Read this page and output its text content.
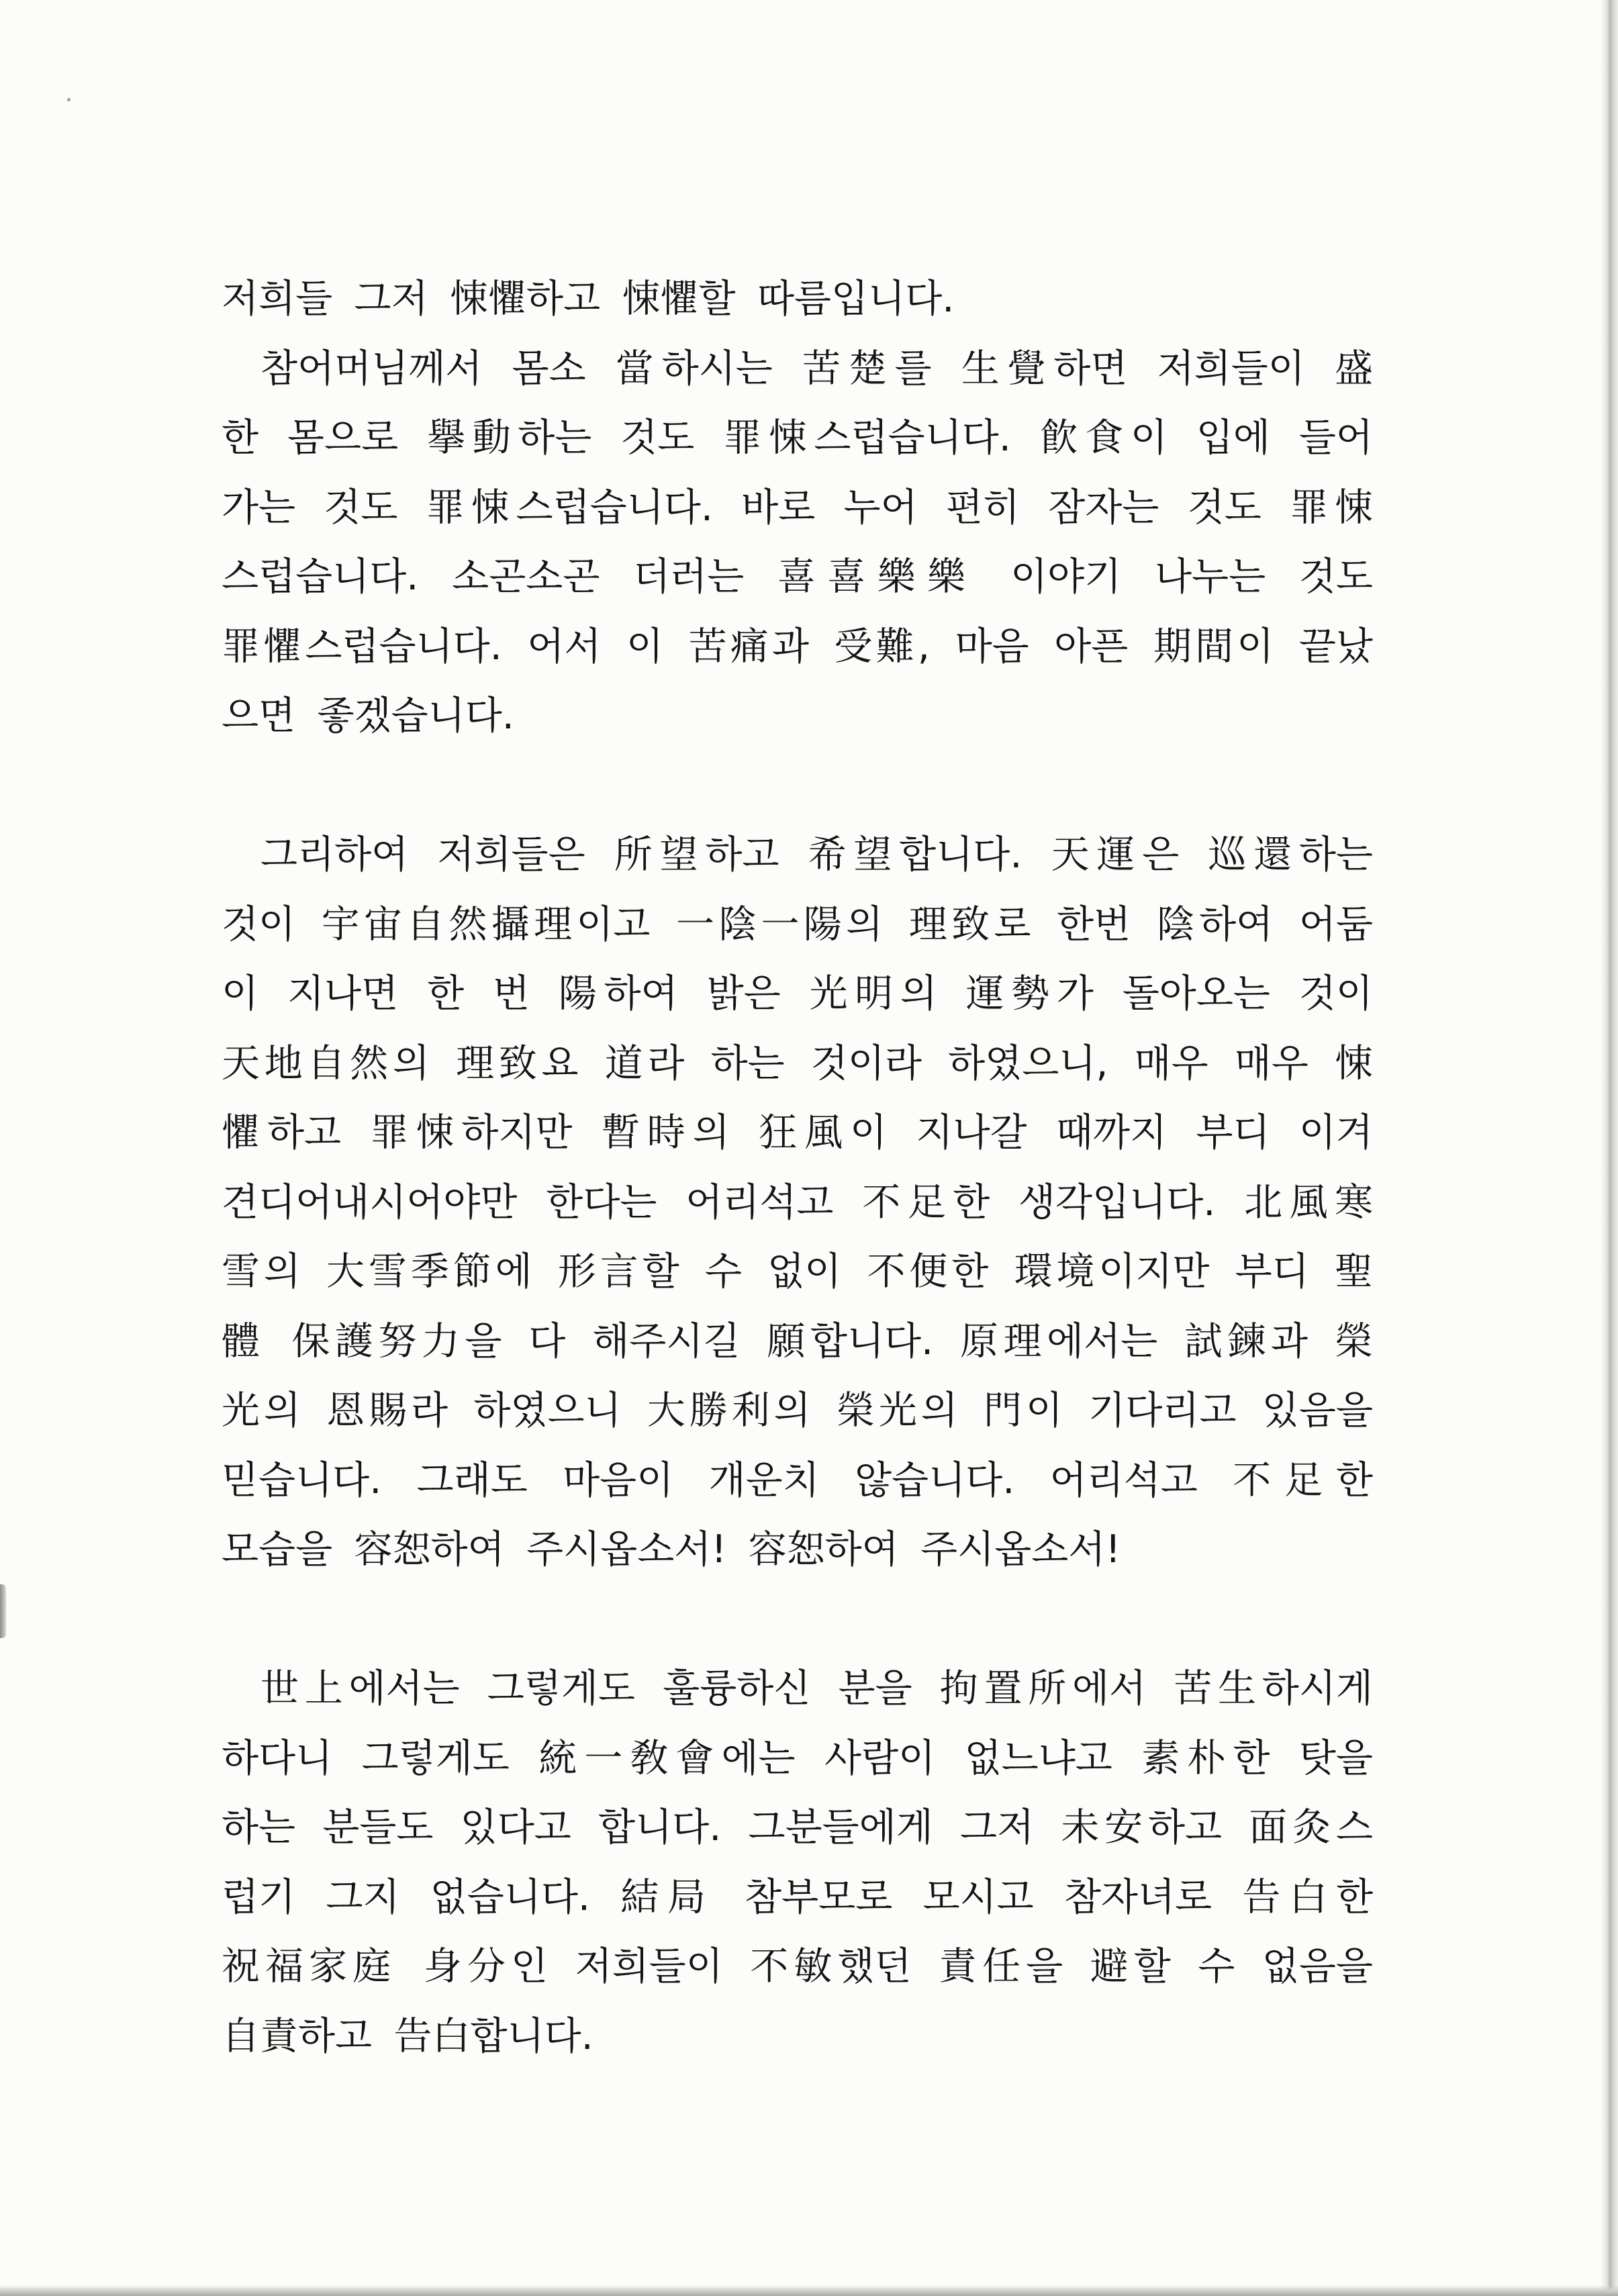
저희들 그저 悚懼하고 悚懼할 따름입니다.
참어머님께서 몸소 當하시는 苦楚를 生覺하면 저희들이 盛
한 몸으로 擧動하는 것도 罪悚스럽습니다. 飮食이 입에 들어
가는 것도 罪悚스럽습니다. 바로 누어 편히 잠자는 것도 罪悚
스럽습니다. 소곤소곤 더러는 喜喜樂樂 이야기 나누는 것도
罪懼스럽습니다. 어서 이 苦痛과 受難, 마음 아픈 期間이 끝났
으면 좋겠습니다.
그리하여 저희들은 所望하고 希望합니다. 天運은 巡還하는
것이 宇宙自然攝理이고 一陰一陽의 理致로 한번 陰하여 어둠
이 지나면 한 번 陽하여 밝은 光明의 運勢가 돌아오는 것이
天地自然의 理致요 道라 하는 것이라 하였으니, 매우 매우 悚
懼하고 罪悚하지만 暫時의 狂風이 지나갈 때까지 부디 이겨
견디어내시어야만 한다는 어리석고 不足한 생각입니다. 北風寒
雪의 大雪季節에 形言할 수 없이 不便한 環境이지만 부디 聖
體 保護努力을 다 해주시길 願합니다. 原理에서는 試鍊과 榮
光의 恩賜라 하였으니 大勝利의 榮光의 門이 기다리고 있음을
믿습니다. 그래도 마음이 개운치 않습니다. 어리석고 不足한
모습을 容恕하여 주시옵소서! 容恕하여 주시옵소서!
世上에서는 그렇게도 훌륭하신 분을 拘置所에서 苦生하시게
하다니 그렇게도 統一敎會에는 사람이 없느냐고 素朴한 탓을
하는 분들도 있다고 합니다. 그분들에게 그저 未安하고 面灸스
럽기 그지 없습니다. 結局 참부모로 모시고 참자녀로 告白한
祝福家庭 身分인 저희들이 不敏했던 責任을 避할 수 없음을
自責하고 告白합니다.
